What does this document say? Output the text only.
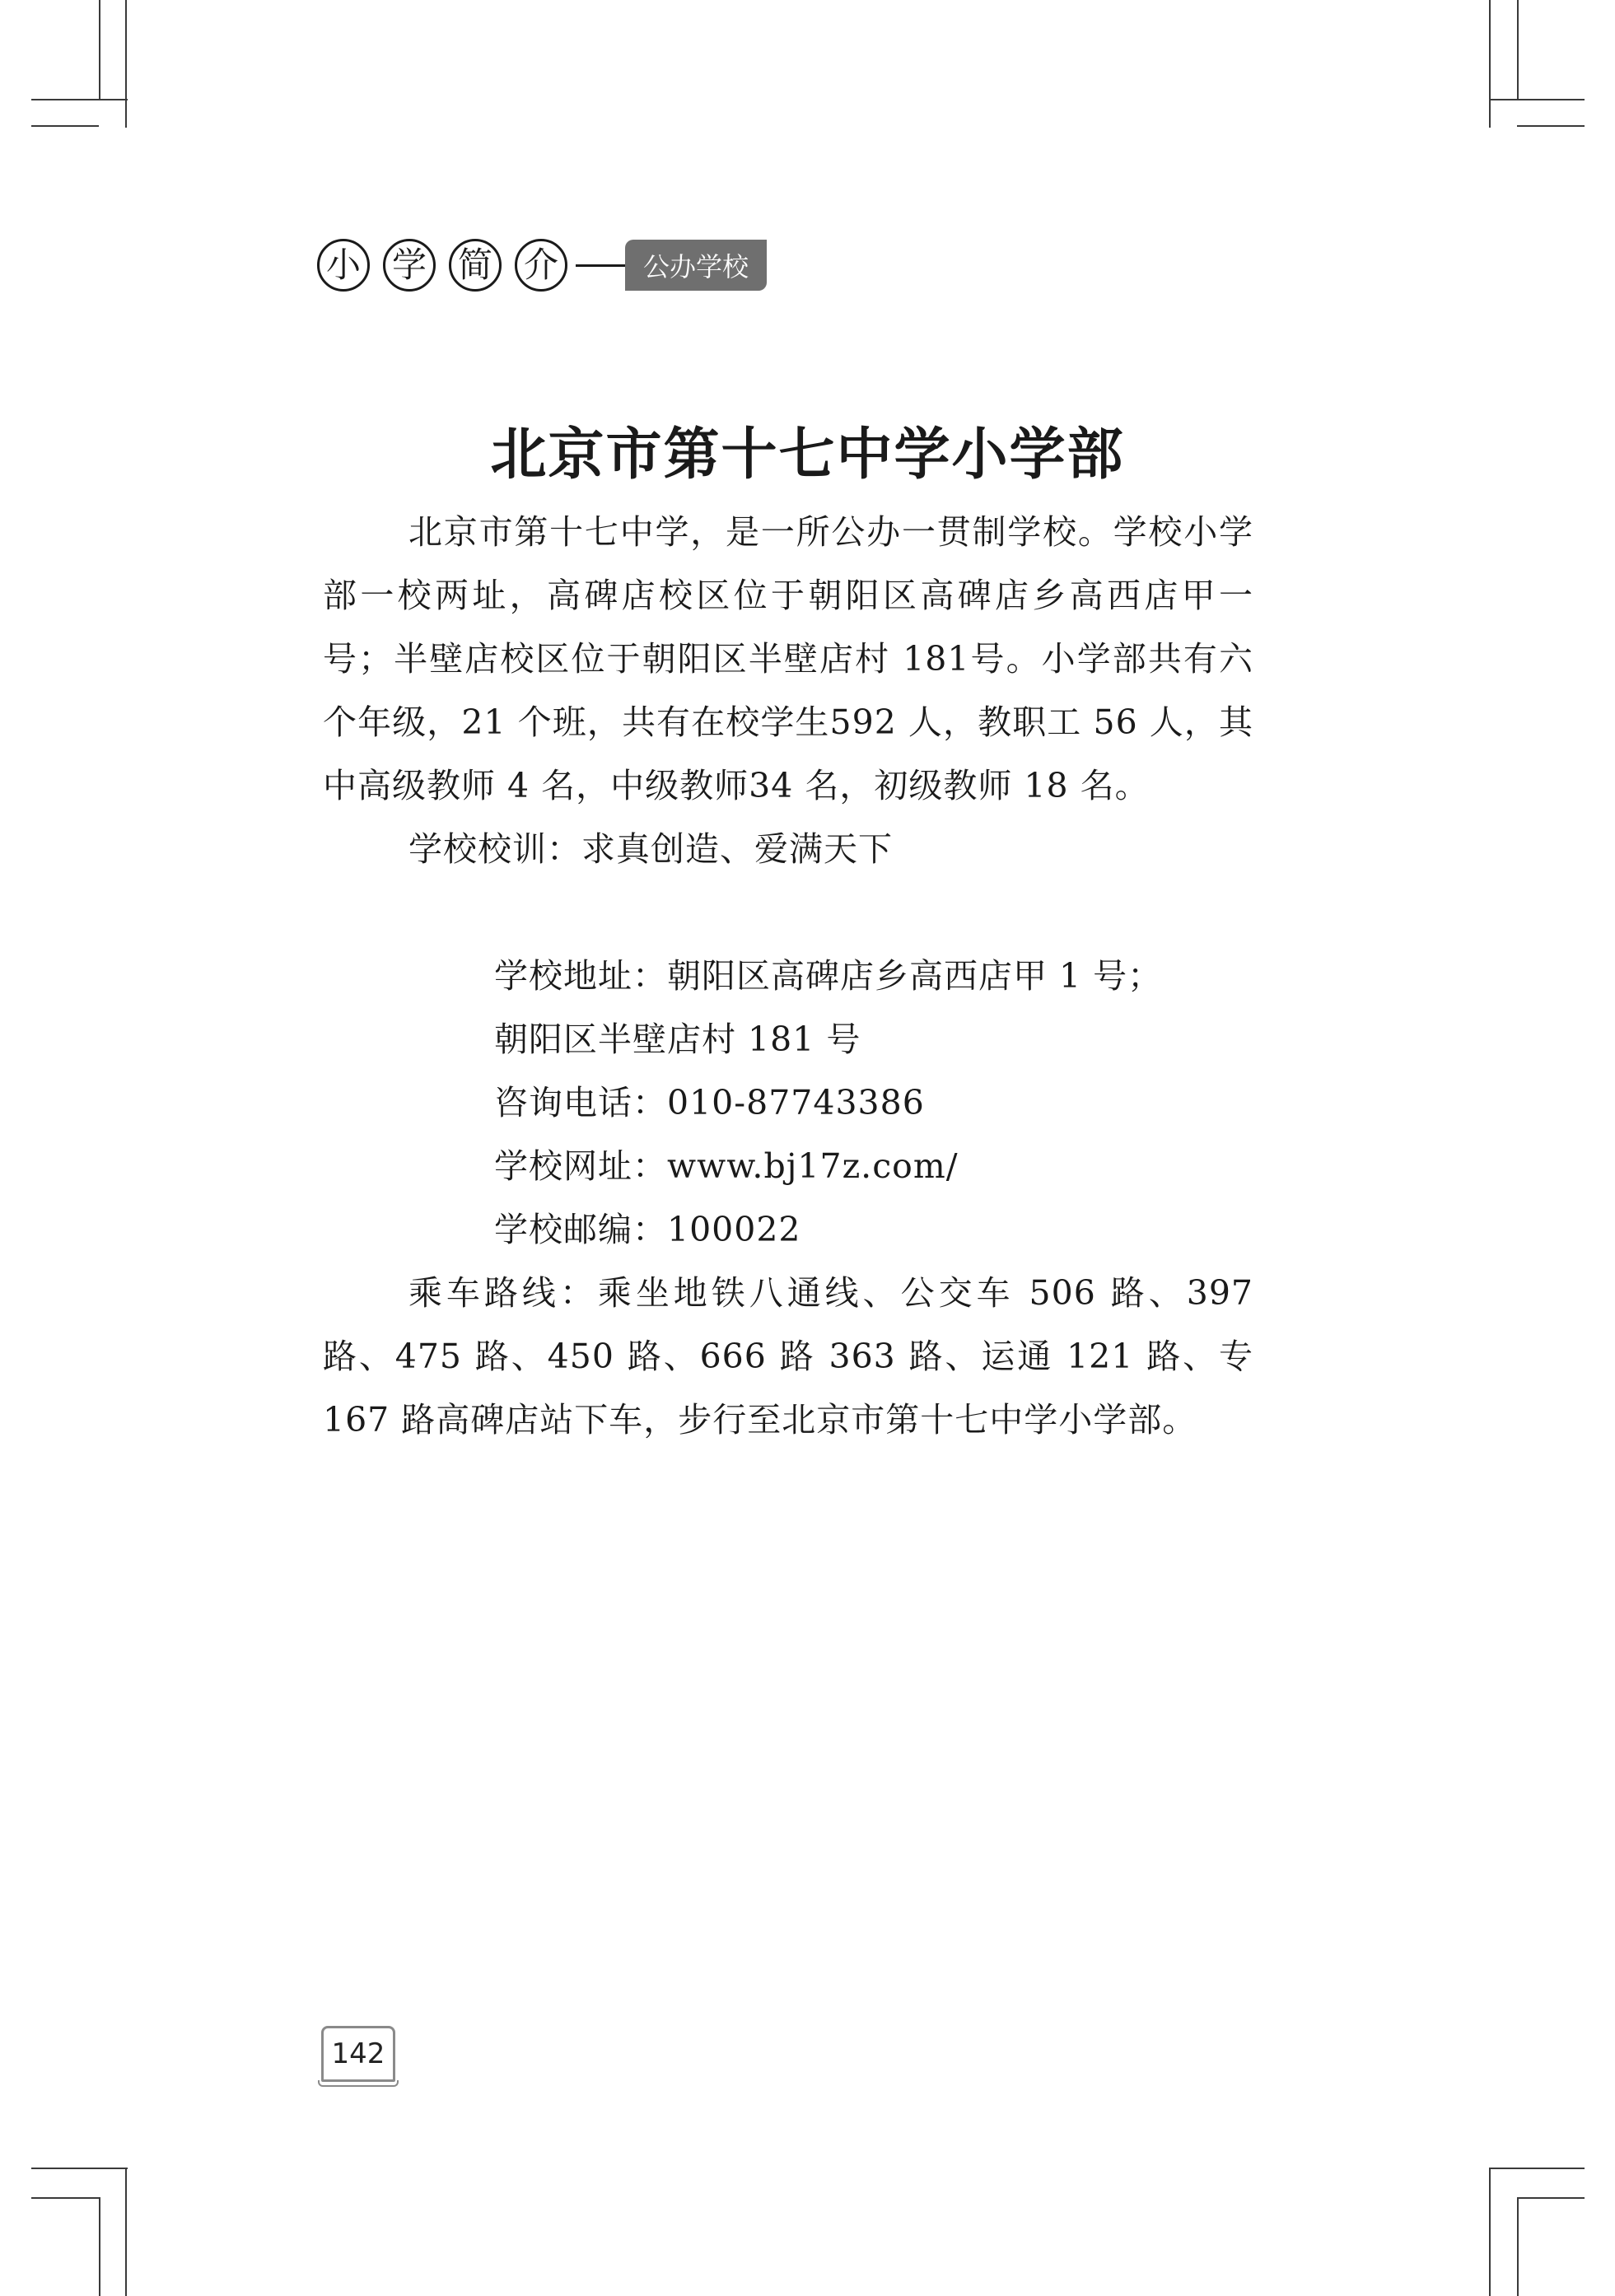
小 学 简 介	公办学校
北京市第十七中学小学部

北京市第十七中学，是一所公办一贯制学校。学校小学部一校两址，高碑店校区位于朝阳区高碑店乡高西店甲一号；半壁店校区位于朝阳区半壁店村 181号。小学部共有六个年级，21 个班，共有在校学生592 人，教职工 56 人，其中高级教师 4 名，中级教师34 名，初级教师 18 名。

学校校训：求真创造、爱满天下

学校地址：朝阳区高碑店乡高西店甲 1 号；

朝阳区半壁店村 181 号

咨询电话：010-87743386

学校网址：www.bj17z.com/

学校邮编：100022

乘车路线：乘坐地铁八通线、公交车 506 路、397 路、475 路、450 路、666 路 363 路、运通 121 路、专 167 路高碑店站下车，步行至北京市第十七中学小学部。

142
